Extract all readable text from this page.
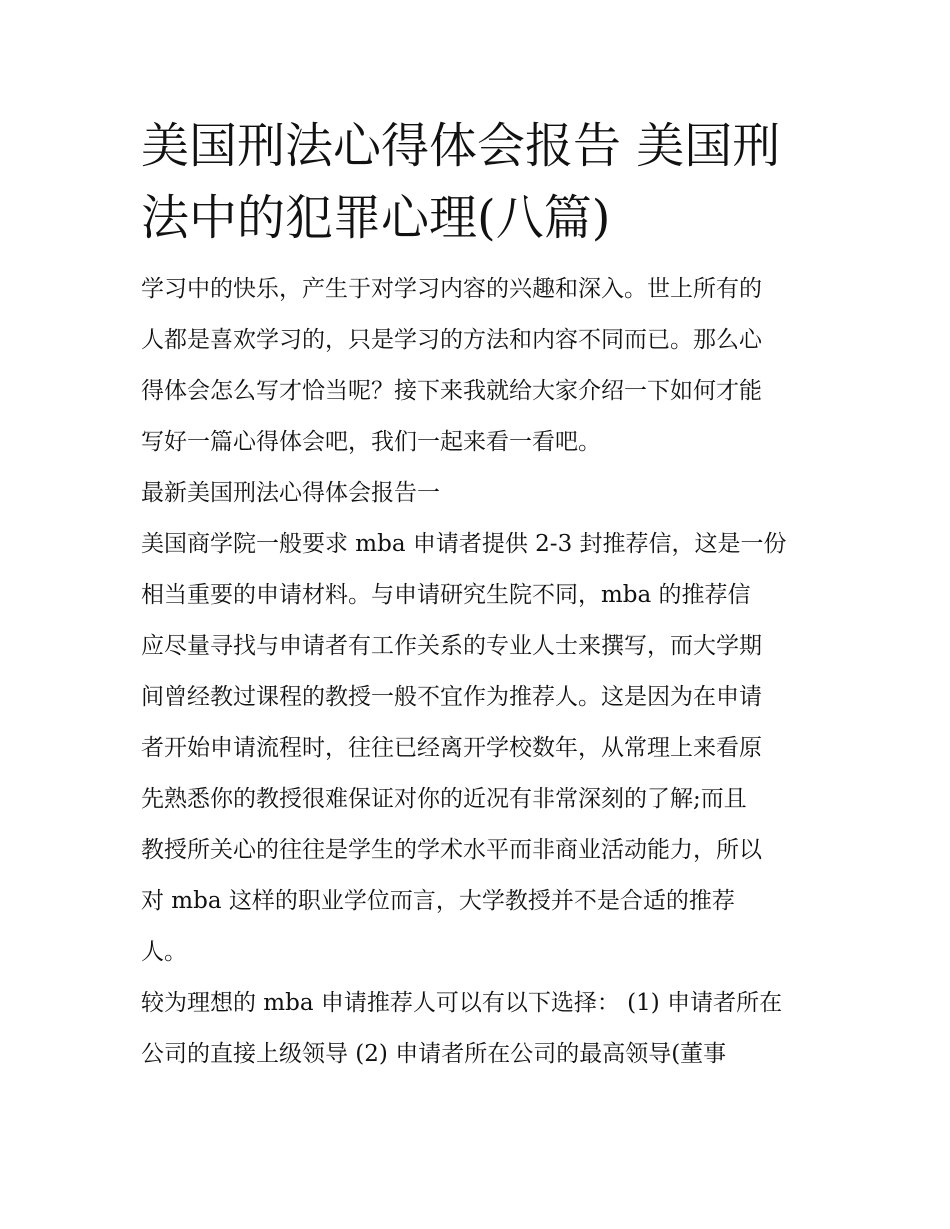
美国刑法心得体会报告 美国刑
法中的犯罪心理(八篇)
学习中的快乐，产生于对学习内容的兴趣和深入。世上所有的
人都是喜欢学习的，只是学习的方法和内容不同而已。那么心
得体会怎么写才恰当呢？接下来我就给大家介绍一下如何才能
写好一篇心得体会吧，我们一起来看一看吧。
最新美国刑法心得体会报告一
美国商学院一般要求 mba 申请者提供 2-3 封推荐信，这是一份
相当重要的申请材料。与申请研究生院不同，mba 的推荐信
应尽量寻找与申请者有工作关系的专业人士来撰写，而大学期
间曾经教过课程的教授一般不宜作为推荐人。这是因为在申请
者开始申请流程时，往往已经离开学校数年，从常理上来看原
先熟悉你的教授很难保证对你的近况有非常深刻的了解;而且
教授所关心的往往是学生的学术水平而非商业活动能力，所以
对 mba 这样的职业学位而言，大学教授并不是合适的推荐
人。
较为理想的 mba 申请推荐人可以有以下选择： (1) 申请者所在
公司的直接上级领导 (2) 申请者所在公司的最高领导(董事
